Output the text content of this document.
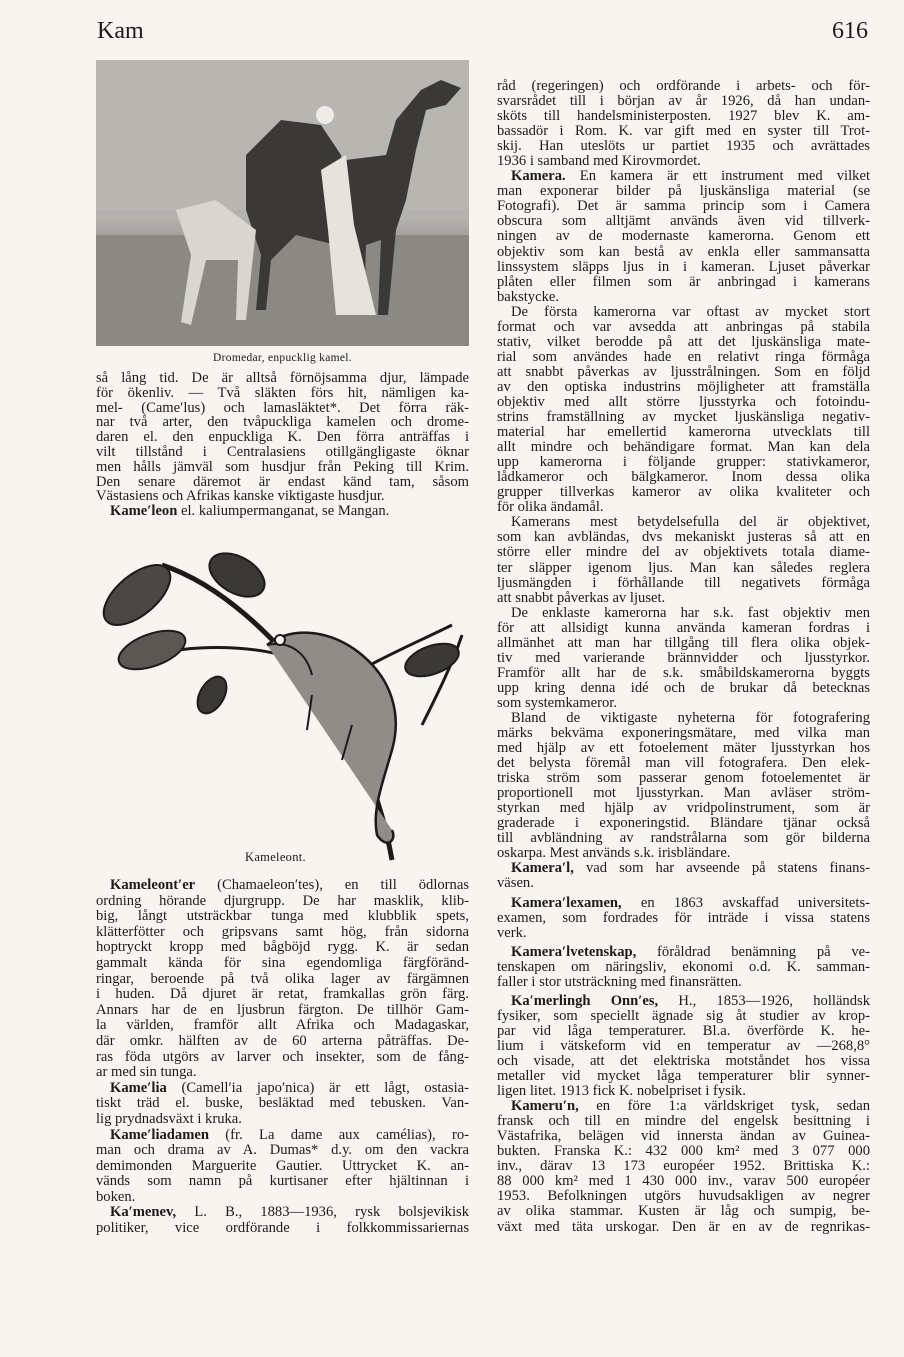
Kam	616
Dromedar, enpucklig kamel.
så lång tid. De är alltså förnöjsamma djur, lämpade
för ökenliv. — Två släkten förs hit, nämligen ka-
mel- (Came′lus) och lamasläktet*. Det förra räk-
nar två arter, den tvåpuckliga kamelen och drome-
daren el. den enpuckliga K. Den förra anträffas i
vilt tillstånd i Centralasiens otillgängligaste öknar
men hålls jämväl som husdjur från Peking till Krim.
Den senare däremot är endast känd tam, såsom
Västasiens och Afrikas kanske viktigaste husdjur.
Kame′leon el. kaliumpermanganat, se Mangan.
Kameleont.
Kameleont′er (Chamaeleon′tes), en till ödlornas
ordning hörande djurgrupp. De har masklik, klib-
big, långt utsträckbar tunga med klubblik spets,
klätterfötter och gripsvans samt hög, från sidorna
hoptryckt kropp med bågböjd rygg. K. är sedan
gammalt kända för sina egendomliga färgföränd-
ringar, beroende på två olika lager av färgämnen
i huden. Då djuret är retat, framkallas grön färg.
Annars har de en ljusbrun färgton. De tillhör Gam-
la världen, framför allt Afrika och Madagaskar,
där omkr. hälften av de 60 arterna påträffas. De-
ras föda utgörs av larver och insekter, som de fång-
ar med sin tunga.
Kame′lia (Camell′ia japo′nica) är ett lågt, ostasia-
tiskt träd el. buske, besläktad med tebusken. Van-
lig prydnadsväxt i kruka.
Kame′liadamen (fr. La dame aux camélias), ro-
man och drama av A. Dumas* d.y. om den vackra
demimonden Marguerite Gautier. Uttrycket K. an-
vänds som namn på kurtisaner efter hjältinnan i
boken.
Ka′menev, L. B., 1883—1936, rysk bolsjevikisk
politiker, vice ordförande i folkkommissariernas
råd (regeringen) och ordförande i arbets- och för-
svarsrådet till i början av år 1926, då han undan-
sköts till handelsministerposten. 1927 blev K. am-
bassadör i Rom. K. var gift med en syster till Trot-
skij. Han uteslöts ur partiet 1935 och avrättades
1936 i samband med Kirovmordet.
Kamera. En kamera är ett instrument med vilket
man exponerar bilder på ljuskänsliga material (se
Fotografi). Det är samma princip som i Camera
obscura som alltjämt används även vid tillverk-
ningen av de modernaste kamerorna. Genom ett
objektiv som kan bestå av enkla eller sammansatta
linssystem släpps ljus in i kameran. Ljuset påverkar
plåten eller filmen som är anbringad i kamerans
bakstycke.
De första kamerorna var oftast av mycket stort
format och var avsedda att anbringas på stabila
stativ, vilket berodde på att det ljuskänsliga mate-
rial som användes hade en relativt ringa förmåga
att snabbt påverkas av ljusstrålningen. Som en följd
av den optiska industrins möjligheter att framställa
objektiv med allt större ljusstyrka och fotoindu-
strins framställning av mycket ljuskänsliga negativ-
material har emellertid kamerorna utvecklats till
allt mindre och behändigare format. Man kan dela
upp kamerorna i följande grupper: stativkameror,
lådkameror och bälgkameror. Inom dessa olika
grupper tillverkas kameror av olika kvaliteter och
för olika ändamål.
Kamerans mest betydelsefulla del är objektivet,
som kan avbländas, dvs mekaniskt justeras så att en
större eller mindre del av objektivets totala diame-
ter släpper igenom ljus. Man kan således reglera
ljusmängden i förhållande till negativets förmåga
att snabbt påverkas av ljuset.
De enklaste kamerorna har s.k. fast objektiv men
för att allsidigt kunna använda kameran fordras i
allmänhet att man har tillgång till flera olika objek-
tiv med varierande brännvidder och ljusstyrkor.
Framför allt har de s.k. småbildskamerorna byggts
upp kring denna idé och de brukar då betecknas
som systemkameror.
Bland de viktigaste nyheterna för fotografering
märks bekväma exponeringsmätare, med vilka man
med hjälp av ett fotoelement mäter ljusstyrkan hos
det belysta föremål man vill fotografera. Den elek-
triska ström som passerar genom fotoelementet är
proportionell mot ljusstyrkan. Man avläser ström-
styrkan med hjälp av vridpolinstrument, som är
graderade i exponeringstid. Bländare tjänar också
till avbländning av randstrålarna som gör bilderna
oskarpa. Mest används s.k. irisbländare.
Kamera′l, vad som har avseende på statens finans-
väsen.
Kamera′lexamen, en 1863 avskaffad universitets-
examen, som fordrades för inträde i vissa statens
verk.
Kamera′lvetenskap, föråldrad benämning på ve-
tenskapen om näringsliv, ekonomi o.d. K. samman-
faller i stor utsträckning med finansrätten.
Ka′merlingh Onn′es, H., 1853—1926, holländsk
fysiker, som speciellt ägnade sig åt studier av krop-
par vid låga temperaturer. Bl.a. överförde K. he-
lium i vätskeform vid en temperatur av —268,8°
och visade, att det elektriska motståndet hos vissa
metaller vid mycket låga temperaturer blir synner-
ligen litet. 1913 fick K. nobelpriset i fysik.
Kameru′n, en före 1:a världskriget tysk, sedan
fransk och till en mindre del engelsk besittning i
Västafrika, belägen vid innersta ändan av Guinea-
bukten. Franska K.: 432 000 km² med 3 077 000
inv., därav 13 173 européer 1952. Brittiska K.:
88 000 km² med 1 430 000 inv., varav 500 européer
1953. Befolkningen utgörs huvudsakligen av negrer
av olika stammar. Kusten är låg och sumpig, be-
växt med täta urskogar. Den är en av de regnrikas-
